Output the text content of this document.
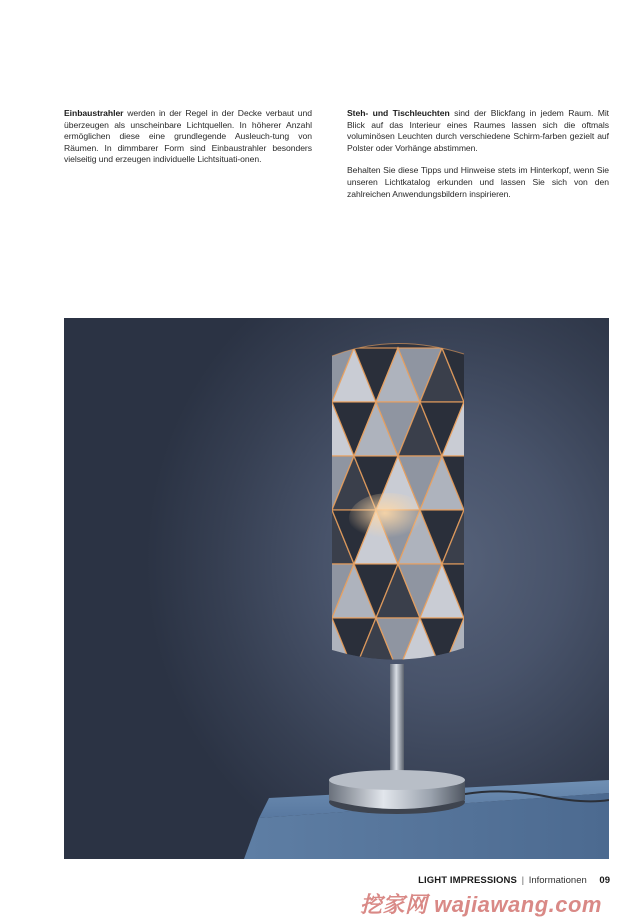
Einbaustrahler werden in der Regel in der Decke verbaut und überzeugen als unscheinbare Lichtquellen. In höherer Anzahl ermöglichen diese eine grundlegende Ausleuch-tung von Räumen. In dimmbarer Form sind Einbaustrahler besonders vielseitig und erzeugen individuelle Lichtsituati-onen.

Steh- und Tischleuchten sind der Blickfang in jedem Raum. Mit Blick auf das Interieur eines Raumes lassen sich die oftmals voluminösen Leuchten durch verschiedene Schirm-farben gezielt auf Polster oder Vorhänge abstimmen.

Behalten Sie diese Tipps und Hinweise stets im Hinterkopf, wenn Sie unseren Lichtkatalog erkunden und lassen Sie sich von den zahlreichen Anwendungsbildern inspirieren.

LIGHT IMPRESSIONS | Informationen 09
挖家网 wajiawang.com
